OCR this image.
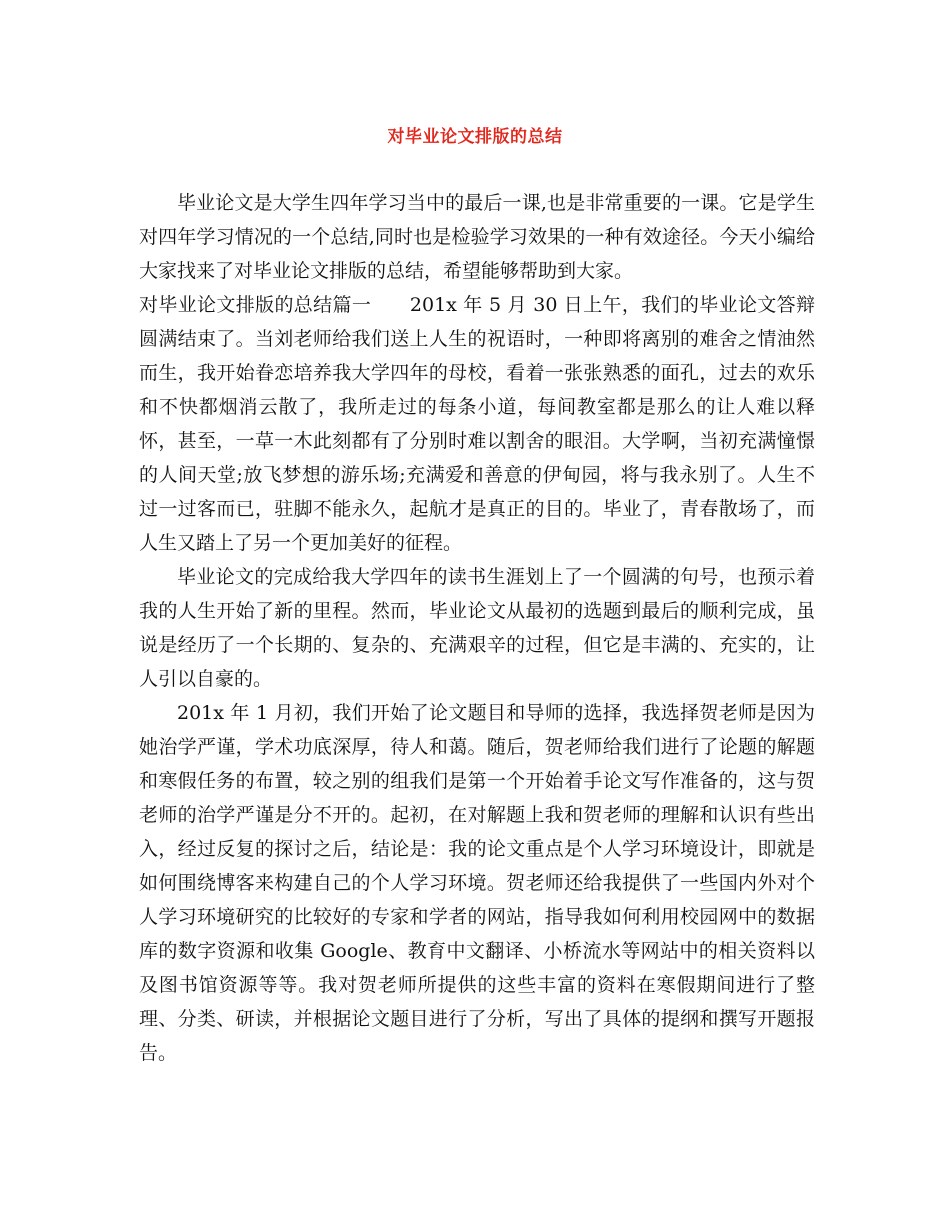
对毕业论文排版的总结

毕业论文是大学生四年学习当中的最后一课,也是非常重要的一课。它是学生对四年学习情况的一个总结,同时也是检验学习效果的一种有效途径。今天小编给大家找来了对毕业论文排版的总结，希望能够帮助到大家。

对毕业论文排版的总结篇一　　201x 年 5 月 30 日上午，我们的毕业论文答辩圆满结束了。当刘老师给我们送上人生的祝语时，一种即将离别的难舍之情油然而生，我开始眷恋培养我大学四年的母校，看着一张张熟悉的面孔，过去的欢乐和不快都烟消云散了，我所走过的每条小道，每间教室都是那么的让人难以释怀，甚至，一草一木此刻都有了分别时难以割舍的眼泪。大学啊，当初充满憧憬的人间天堂;放飞梦想的游乐场;充满爱和善意的伊甸园，将与我永别了。人生不过一过客而已，驻脚不能永久，起航才是真正的目的。毕业了，青春散场了，而人生又踏上了另一个更加美好的征程。

毕业论文的完成给我大学四年的读书生涯划上了一个圆满的句号，也预示着我的人生开始了新的里程。然而，毕业论文从最初的选题到最后的顺利完成，虽说是经历了一个长期的、复杂的、充满艰辛的过程，但它是丰满的、充实的，让人引以自豪的。

201x 年 1 月初，我们开始了论文题目和导师的选择，我选择贺老师是因为她治学严谨，学术功底深厚，待人和蔼。随后，贺老师给我们进行了论题的解题和寒假任务的布置，较之别的组我们是第一个开始着手论文写作准备的，这与贺老师的治学严谨是分不开的。起初，在对解题上我和贺老师的理解和认识有些出入，经过反复的探讨之后，结论是：我的论文重点是个人学习环境设计，即就是如何围绕博客来构建自己的个人学习环境。贺老师还给我提供了一些国内外对个人学习环境研究的比较好的专家和学者的网站，指导我如何利用校园网中的数据库的数字资源和收集 Google、教育中文翻译、小桥流水等网站中的相关资料以及图书馆资源等等。我对贺老师所提供的这些丰富的资料在寒假期间进行了整理、分类、研读，并根据论文题目进行了分析，写出了具体的提纲和撰写开题报告。
